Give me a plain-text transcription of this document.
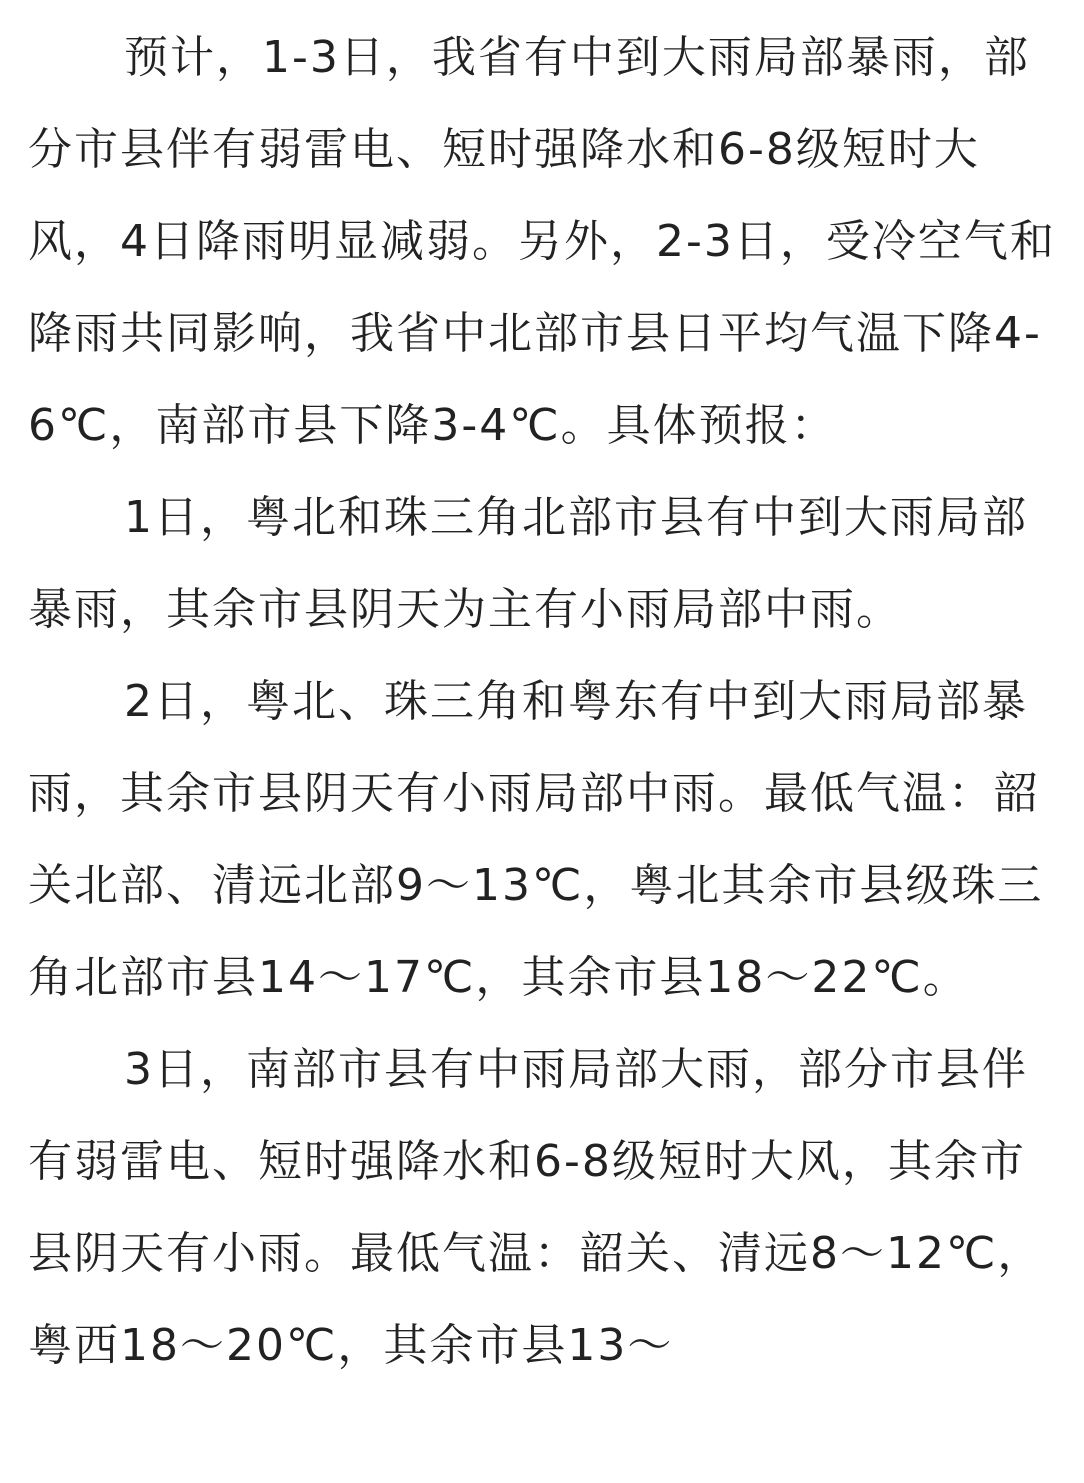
预计，1-3日，我省有中到大雨局部暴雨，部分市县伴有弱雷电、短时强降水和6-8级短时大风，4日降雨明显减弱。另外，2-3日，受冷空气和降雨共同影响，我省中北部市县日平均气温下降4-6℃，南部市县下降3-4℃。具体预报：

1日，粤北和珠三角北部市县有中到大雨局部暴雨，其余市县阴天为主有小雨局部中雨。

2日，粤北、珠三角和粤东有中到大雨局部暴雨，其余市县阴天有小雨局部中雨。最低气温：韶关北部、清远北部9～13℃，粤北其余市县级珠三角北部市县14～17℃，其余市县18～22℃。

3日，南部市县有中雨局部大雨，部分市县伴有弱雷电、短时强降水和6-8级短时大风，其余市县阴天有小雨。最低气温：韶关、清远8～12℃，粤西18～20℃，其余市县13～
